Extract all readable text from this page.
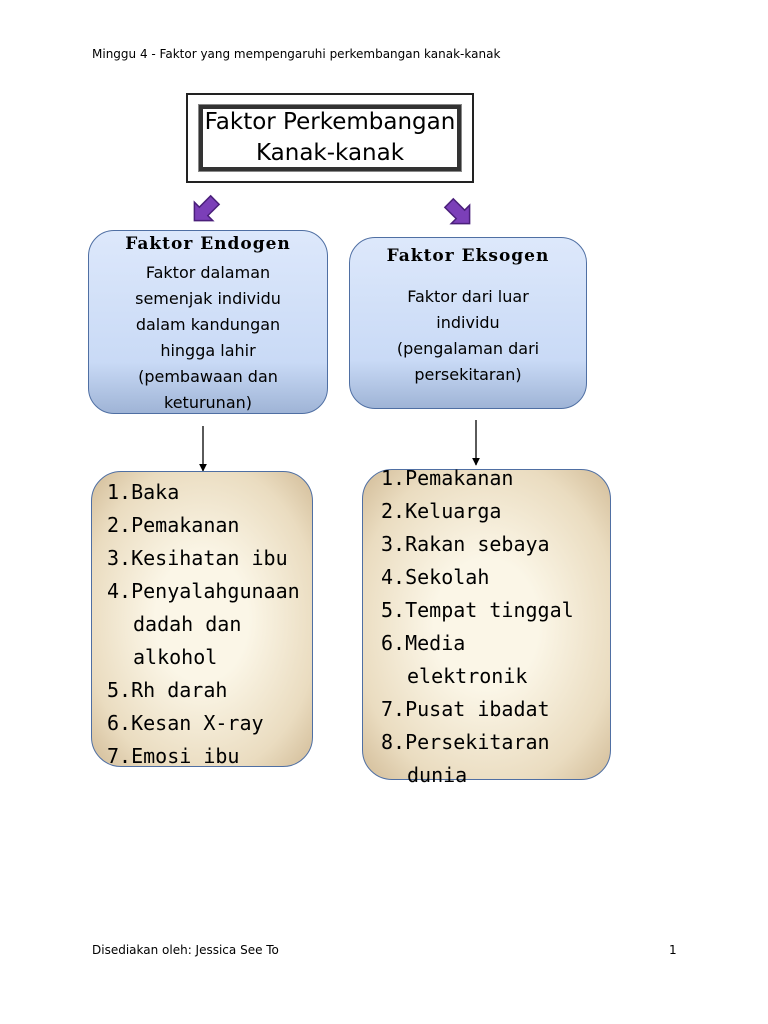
Minggu 4 - Faktor yang mempengaruhi perkembangan kanak-kanak
Faktor Perkembangan
Kanak-kanak
Faktor Endogen
Faktor dalaman
semenjak individu
dalam kandungan
hingga lahir
(pembawaan dan
keturunan)
Faktor Eksogen
Faktor dari luar
individu
(pengalaman dari
persekitaran)
1.Baka
2.Pemakanan
3.Kesihatan ibu
4.Penyalahgunaan
dadah dan
alkohol
5.Rh darah
6.Kesan X-ray
7.Emosi ibu
1.Pemakanan
2.Keluarga
3.Rakan sebaya
4.Sekolah
5.Tempat tinggal
6.Media
elektronik
7.Pusat ibadat
8.Persekitaran
dunia
Disediakan oleh: Jessica See To	1
